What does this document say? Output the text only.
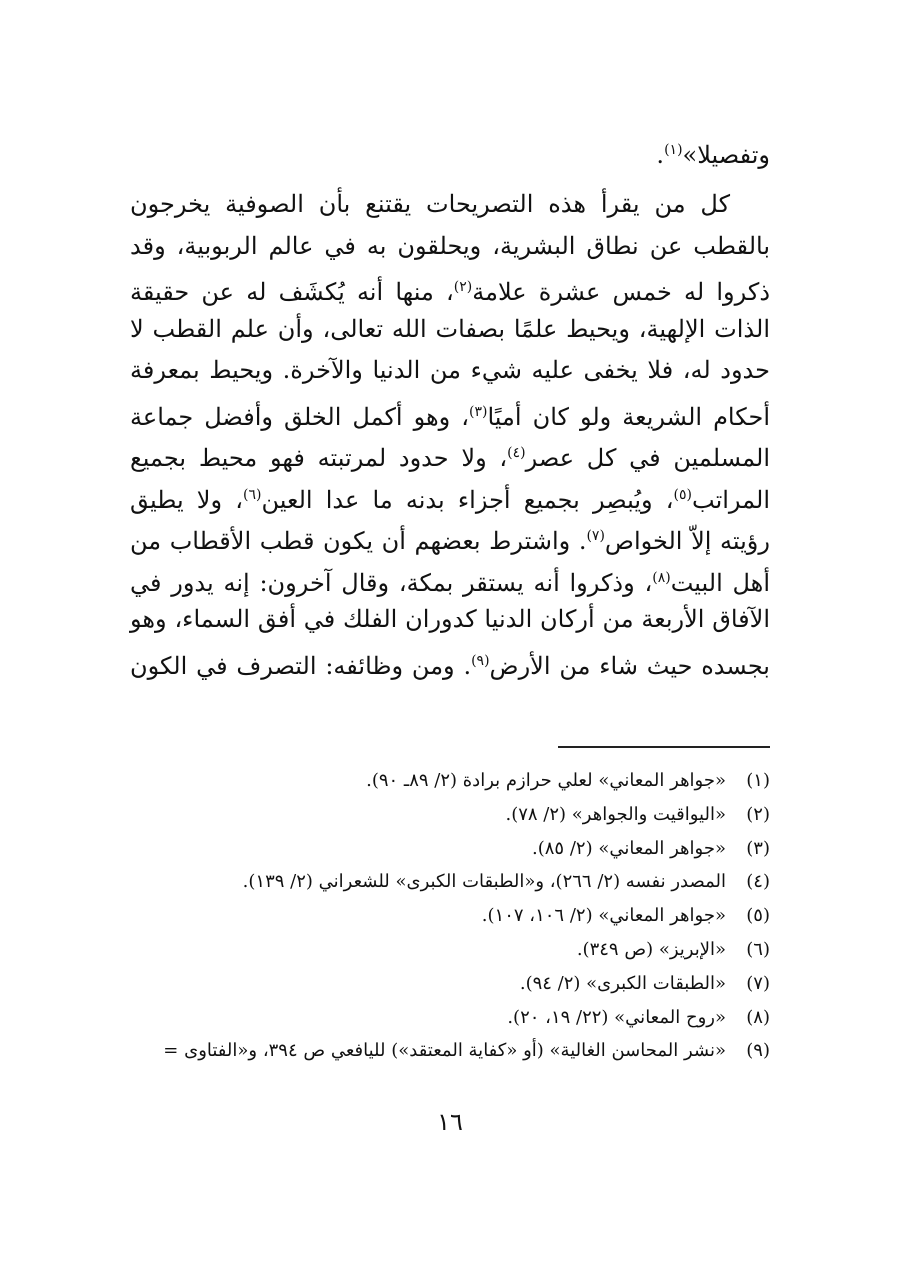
وتفصيلا»$^{(١)}$.
كل من يقرأ هذه التصريحات يقتنع بأن الصوفية يخرجون
بالقطب عن نطاق البشرية، ويحلقون به في عالم الربوبية، وقد
ذكروا له خمس عشرة علامة$^{(٢)}$، منها أنه يُكشَف له عن حقيقة
الذات الإلهية، ويحيط علمًا بصفات الله تعالى، وأن علم القطب لا
حدود له، فلا يخفى عليه شيء من الدنيا والآخرة. ويحيط بمعرفة
أحكام الشريعة ولو كان أميًا$^{(٣)}$، وهو أكمل الخلق وأفضل جماعة
المسلمين في كل عصر$^{(٤)}$، ولا حدود لمرتبته فهو محيط بجميع
المراتب$^{(٥)}$، ويُبصِر بجميع أجزاء بدنه ما عدا العين$^{(٦)}$، ولا يطيق
رؤيته إلاّ الخواص$^{(٧)}$. واشترط بعضهم أن يكون قطب الأقطاب من
أهل البيت$^{(٨)}$، وذكروا أنه يستقر بمكة، وقال آخرون: إنه يدور في
الآفاق الأربعة من أركان الدنيا كدوران الفلك في أفق السماء، وهو
بجسده حيث شاء من الأرض$^{(٩)}$. ومن وظائفه: التصرف في الكون
(١)
«جواهر المعاني» لعلي حرازم برادة (٢/ ٨٩ـ ٩٠).
(٢)
«اليواقيت والجواهر» (٢/ ٧٨).
(٣)
«جواهر المعاني» (٢/ ٨٥).
(٤)
المصدر نفسه (٢/ ٢٦٦)، و«الطبقات الكبرى» للشعراني (٢/ ١٣٩).
(٥)
«جواهر المعاني» (٢/ ١٠٦، ١٠٧).
(٦)
«الإبريز» (ص ٣٤٩).
(٧)
«الطبقات الكبرى» (٢/ ٩٤).
(٨)
«روح المعاني» (٢٢/ ١٩، ٢٠).
(٩)
«نشر المحاسن الغالية» (أو «كفاية المعتقد») لليافعي ص ٣٩٤، و«الفتاوى =
١٦
